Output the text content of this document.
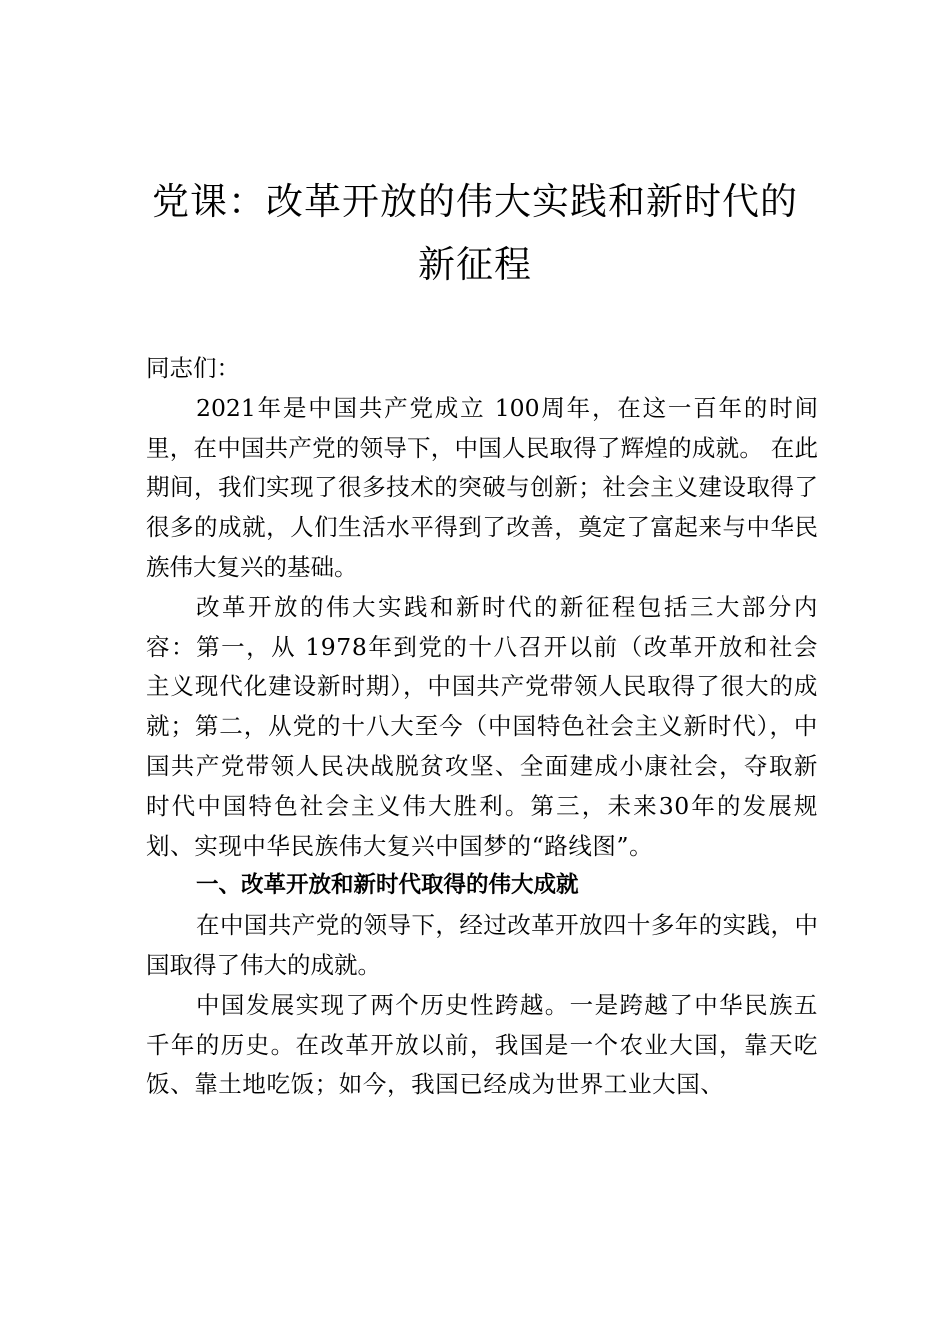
党课：改革开放的伟大实践和新时代的新征程

同志们：

2021年是中国共产党成立 100周年，在这一百年的时间里，在中国共产党的领导下，中国人民取得了辉煌的成就。 在此期间，我们实现了很多技术的突破与创新；社会主义建设取得了很多的成就，人们生活水平得到了改善，奠定了富起来与中华民族伟大复兴的基础。

改革开放的伟大实践和新时代的新征程包括三大部分内容：第一，从 1978年到党的十八召开以前（改革开放和社会主义现代化建设新时期），中国共产党带领人民取得了很大的成就；第二，从党的十八大至今（中国特色社会主义新时代），中国共产党带领人民决战脱贫攻坚、全面建成小康社会，夺取新时代中国特色社会主义伟大胜利。第三，未来30年的发展规划、实现中华民族伟大复兴中国梦的“路线图”。

一、改革开放和新时代取得的伟大成就

在中国共产党的领导下，经过改革开放四十多年的实践，中国取得了伟大的成就。

中国发展实现了两个历史性跨越。一是跨越了中华民族五千年的历史。在改革开放以前，我国是一个农业大国，靠天吃饭、靠土地吃饭；如今，我国已经成为世界工业大国、
